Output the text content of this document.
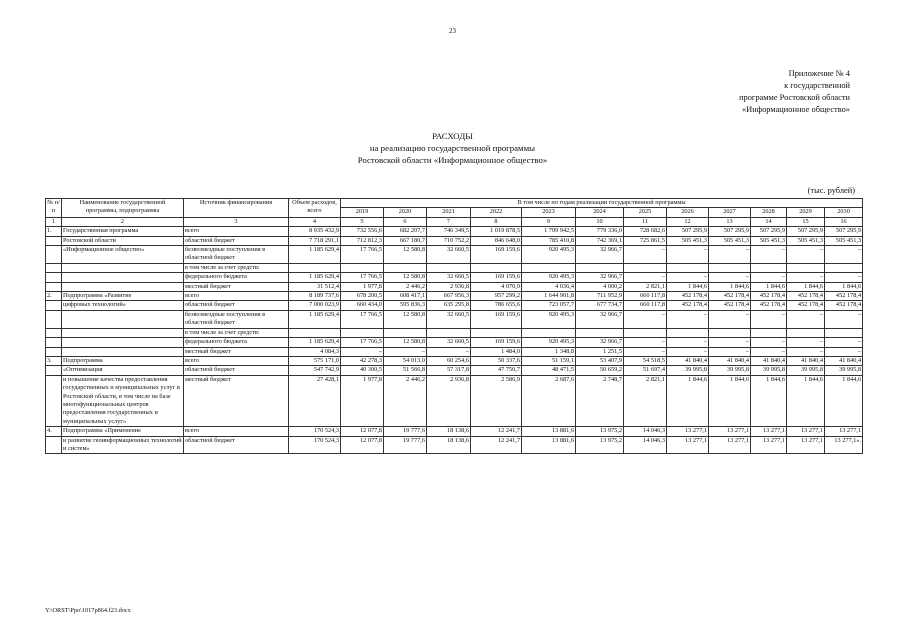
23
Приложение № 4
к государственной
программе Ростовской области
«Информационное общество»
РАСХОДЫ
на реализацию государственной программы
Ростовской области «Информационное общество»
(тыс. рублей)
№ п/п	Наименование государственной программы, подпрограммы	Источник финансирования	Объем расходов, всего	В том числе по годам реализации государственной программы											
				2019	2020	2021	2022	2023	2024	2025	2026	2027	2028	2029	2030
1	2	3	4	5	6	7	8	9	10	11	12	13	14	15	16
1.	Государственная программа	всего	8 935 432,9	732 556,6	682 207,7	746 349,5	1 019 878,5	1 709 942,5	779 336,0	728 682,6	507 295,9	507 295,9	507 295,9	507 295,9	507 295,9
	Ростовской области	областной бюджет	7 718 291,1	712 812,3	667 180,7	710 752,2	846 648,0	785 410,8	742 369,1	725 861,5	505 451,3	505 451,3	505 451,3	505 451,3	505 451,3
	«Информационное общество»	безвозмездные поступления в областной бюджет	1 185 629,4	17 766,5	12 580,8	32 660,5	169 159,6	920 495,3	32 966,7	–	–	–	–	–	–
		в том числе за счет средств:													
		федерального бюджета	1 185 629,4	17 766,5	12 580,8	32 660,5	169 159,6	920 495,3	32 966,7	–	–	–	–	–	–
		местный бюджет	31 512,4	1 977,8	2 446,2	2 936,8	4 070,9	4 036,4	4 000,2	2 821,1	1 844,6	1 844,6	1 844,6	1 844,6	1 844,6
2.	Подпрограмма «Развитие	всего	8 189 737,6	678 200,5	608 417,1	667 956,3	957 299,2	1 644 901,8	711 952,9	660 117,8	452 178,4	452 178,4	452 178,4	452 178,4	452 178,4
	цифровых технологий»	областной бюджет	7 000 023,9	660 434,0	595 836,3	635 295,8	786 655,6	723 057,7	677 734,7	660 117,8	452 178,4	452 178,4	452 178,4	452 178,4	452 178,4
		безвозмездные поступления в областной бюджет	1 185 629,4	17 766,5	12 580,8	32 660,5	169 159,6	920 495,3	32 966,7	–	–	–	–	–	–
		в том числе за счет средств:													
		федерального бюджета	1 185 629,4	17 766,5	12 580,8	32 660,5	169 159,6	920 495,3	32 966,7	–	–	–	–	–	–
		местный бюджет	4 084,3	–	–	–	1 484,0	1 348,8	1 251,5	–	–	–	–	–	–
3.	Подпрограмма	всего	575 171,0	42 278,3	54 013,0	60 254,6	50 337,6	51 159,1	53 407,9	54 518,5	41 840,4	41 840,4	41 840,4	41 840,4	41 840,4
	«Оптимизация	областной бюджет	547 742,9	40 300,5	51 566,8	57 317,8	47 750,7	48 471,5	50 659,2	51 697,4	39 995,8	39 995,8	39 995,8	39 995,8	39 995,8
	и повышение качества предоставления государственных и муниципальных услуг в Ростовской области, в том числе на базе многофункциональных центров предоставления государственных и муниципальных услуг»	местный бюджет	27 428,1	1 977,8	2 446,2	2 936,8	2 586,9	2 687,6	2 748,7	2 821,1	1 844,6	1 844,6	1 844,6	1 844,6	1 844,6
4.	Подпрограмма «Применение	всего	170 524,3	12 077,8	19 777,6	18 138,6	12 241,7	13 881,6	13 975,2	14 046,3	13 277,1	13 277,1	13 277,1	13 277,1	13 277,1
	и развитие геоинформационных технологий и систем»	областной бюджет	170 524,3	12 077,8	19 777,6	18 138,6	12 241,7	13 881,6	13 975,2	14 046,3	13 277,1	13 277,1	13 277,1	13 277,1	13 277,1».
Y:\ORST\Ppo\1017p864.f23.docx
